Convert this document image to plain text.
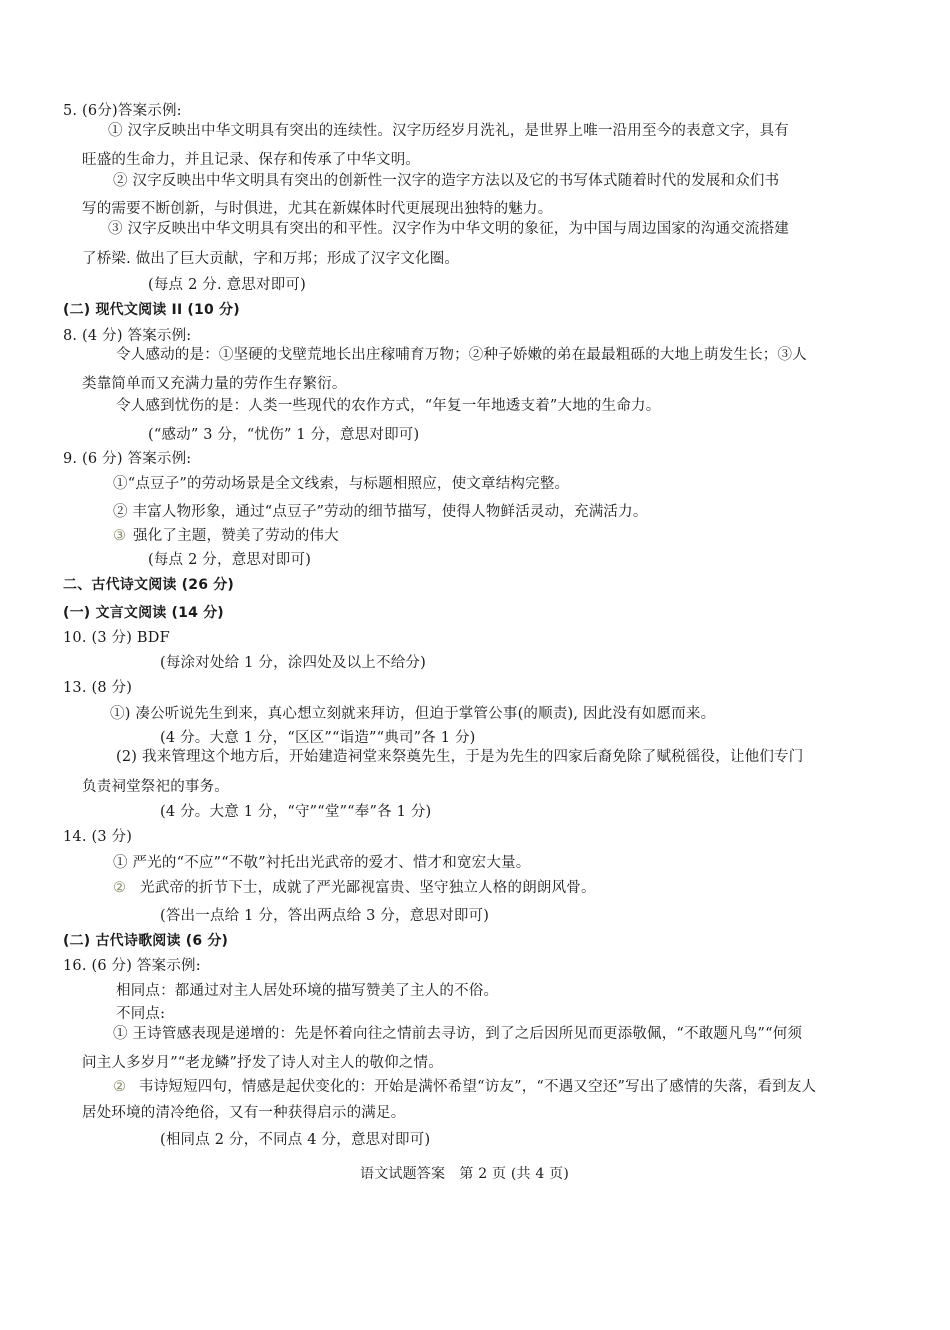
5. (6分)答案示例:
① 汉字反映出中华文明具有突出的连续性。汉字历经岁月洗礼，是世界上唯一沿用至今的表意文字，具有
旺盛的生命力，并且记录、保存和传承了中华文明。
② 汉字反映出中华文明具有突出的创新性一汉字的造字方法以及它的书写体式随着时代的发展和众们书
写的需要不断创新，与时俱进，尤其在新媒体时代更展现出独特的魅力。
③ 汉字反映出中华文明具有突出的和平性。汉字作为中华文明的象征，为中国与周边国家的沟通交流搭建
了桥梁. 做出了巨大贡献，字和万邦；形成了汉字文化圈。
(每点 2 分. 意思对即可)
(二) 现代文阅读 II (10 分)
8. (4 分) 答案示例:
令人感动的是：①坚硬的戈壁荒地长出庄稼哺育万物；②种子娇嫩的弟在最最粗砾的大地上萌发生长；③人
类靠简单而又充满力量的劳作生存繁衍。
令人感到忧伤的是：人类一些现代的农作方式，“年复一年地透支着”大地的生命力。
(“感动” 3 分，“忧伤” 1 分，意思对即可)
9. (6 分) 答案示例:
①“点豆子”的劳动场景是全文线索，与标题相照应，使文章结构完整。
② 丰富人物形象，通过“点豆子”劳动的细节描写，使得人物鲜活灵动，充满活力。
③ 强化了主题，赞美了劳动的伟大
(每点 2 分，意思对即可)
二、古代诗文阅读 (26 分)
(一) 文言文阅读 (14 分)
10. (3 分) BDF
(每涂对处给 1 分，涂四处及以上不给分)
13. (8 分)
①) 凑公听说先生到来，真心想立刻就来拜访，但迫于掌管公事(的顺责), 因此没有如愿而来。
(4 分。大意 1 分，“区区”“诣造”“典司”各 1 分)
(2) 我来管理这个地方后，开始建造祠堂来祭奠先生，于是为先生的四家后裔免除了赋税徭役，让他们专门
负责祠堂祭祀的事务。
(4 分。大意 1 分，“守”“堂”“奉”各 1 分)
14. (3 分)
① 严光的“不应”“不敬”衬托出光武帝的爱才、惜才和宽宏大量。
② 光武帝的折节下士，成就了严光鄙视富贵、坚守独立人格的朗朗风骨。
(答出一点给 1 分，答出两点给 3 分，意思对即可)
(二) 古代诗歌阅读 (6 分)
16. (6 分) 答案示例:
相同点：都通过对主人居处环境的描写赞美了主人的不俗。
不同点:
① 王诗管感表现是递增的：先是怀着向往之情前去寻访，到了之后因所见而更添敬佩，“不敢题凡鸟”“何须
问主人多岁月”“老龙鳞”抒发了诗人对主人的敬仰之情。
② 韦诗短短四句，情感是起伏变化的：开始是满怀希望“访友”，“不遇又空还”写出了感情的失落，看到友人
居处环境的清冷绝俗，又有一种获得启示的满足。
(相同点 2 分，不同点 4 分，意思对即可)
语文试题答案　第 2 页 (共 4 页)
